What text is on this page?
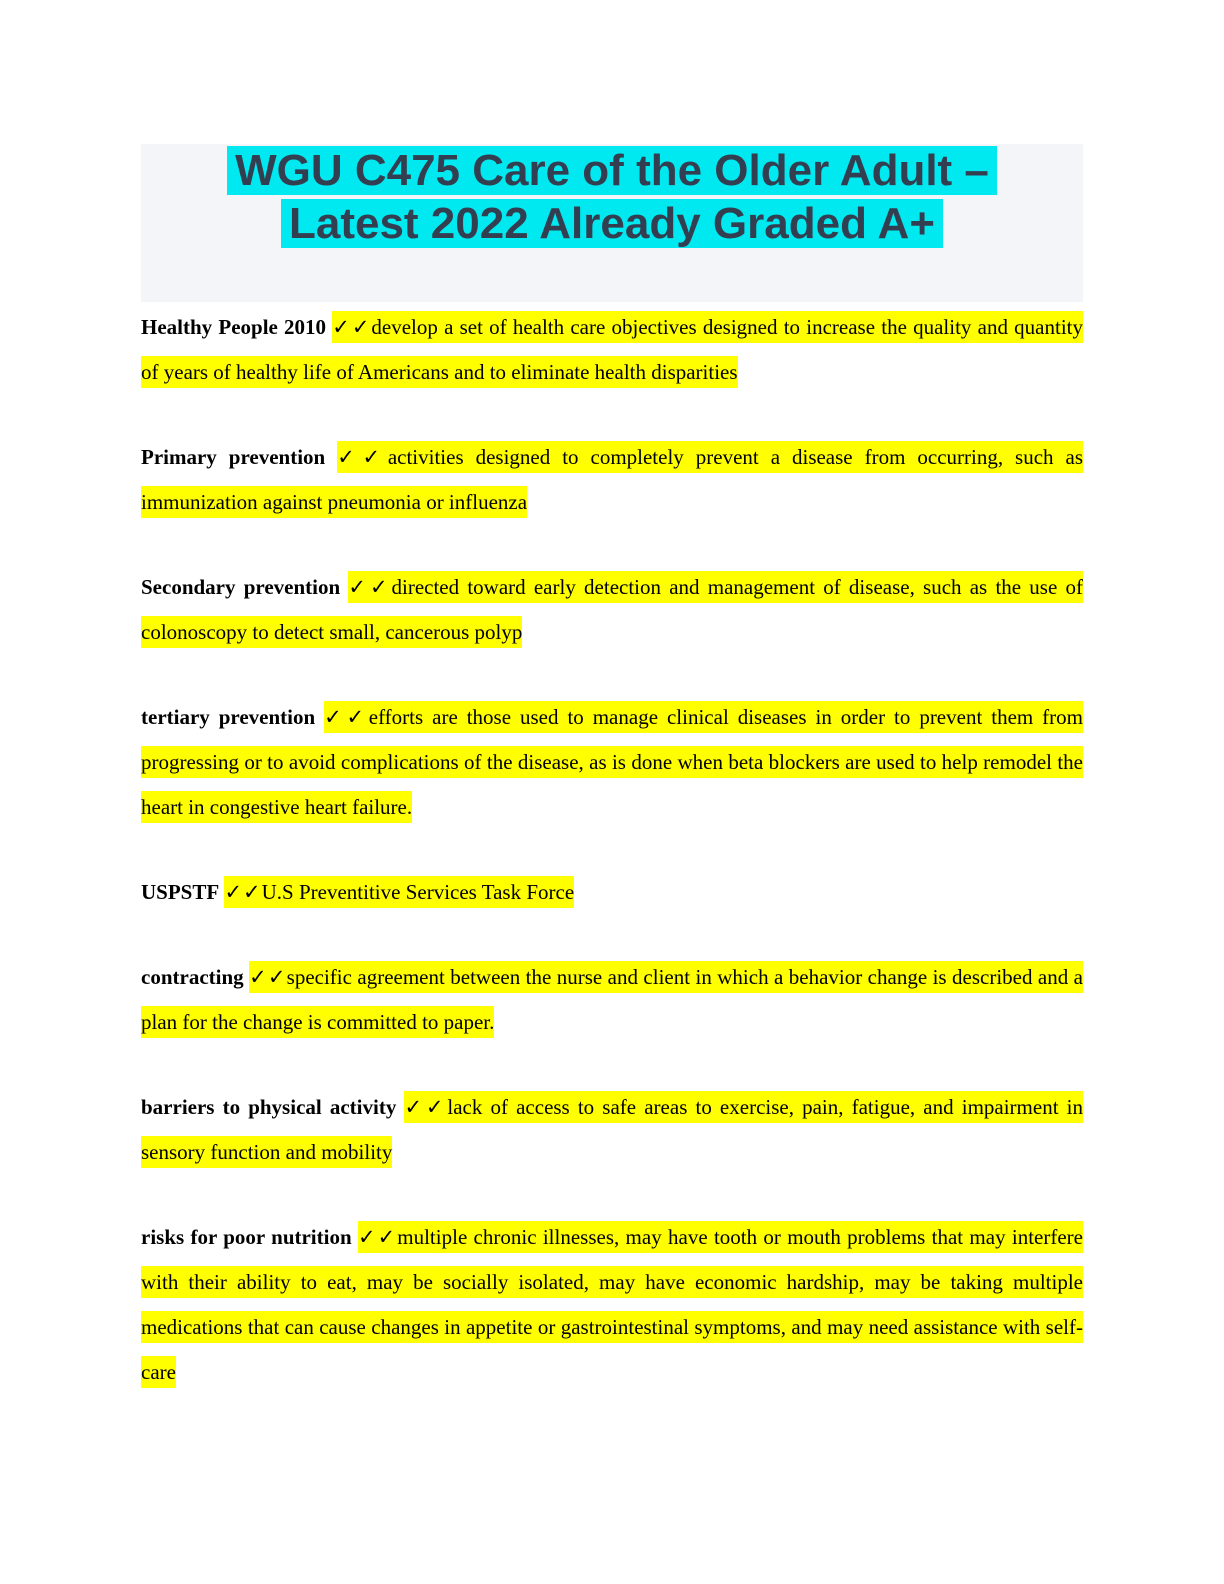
WGU C475 Care of the Older Adult –
Latest 2022 Already Graded A+

Healthy People 2010 ✓✓develop a set of health care objectives designed to increase the quality and quantity of years of healthy life of Americans and to eliminate health disparities

Primary prevention ✓✓activities designed to completely prevent a disease from occurring, such as immunization against pneumonia or influenza

Secondary prevention ✓✓directed toward early detection and management of disease, such as the use of colonoscopy to detect small, cancerous polyp

tertiary prevention ✓✓efforts are those used to manage clinical diseases in order to prevent them from progressing or to avoid complications of the disease, as is done when beta blockers are used to help remodel the heart in congestive heart failure.

USPSTF ✓✓U.S Preventitive Services Task Force

contracting ✓✓specific agreement between the nurse and client in which a behavior change is described and a plan for the change is committed to paper.

barriers to physical activity ✓✓lack of access to safe areas to exercise, pain, fatigue, and impairment in sensory function and mobility

risks for poor nutrition ✓✓multiple chronic illnesses, may have tooth or mouth problems that may interfere with their ability to eat, may be socially isolated, may have economic hardship, may be taking multiple medications that can cause changes in appetite or gastrointestinal symptoms, and may need assistance with self-care
